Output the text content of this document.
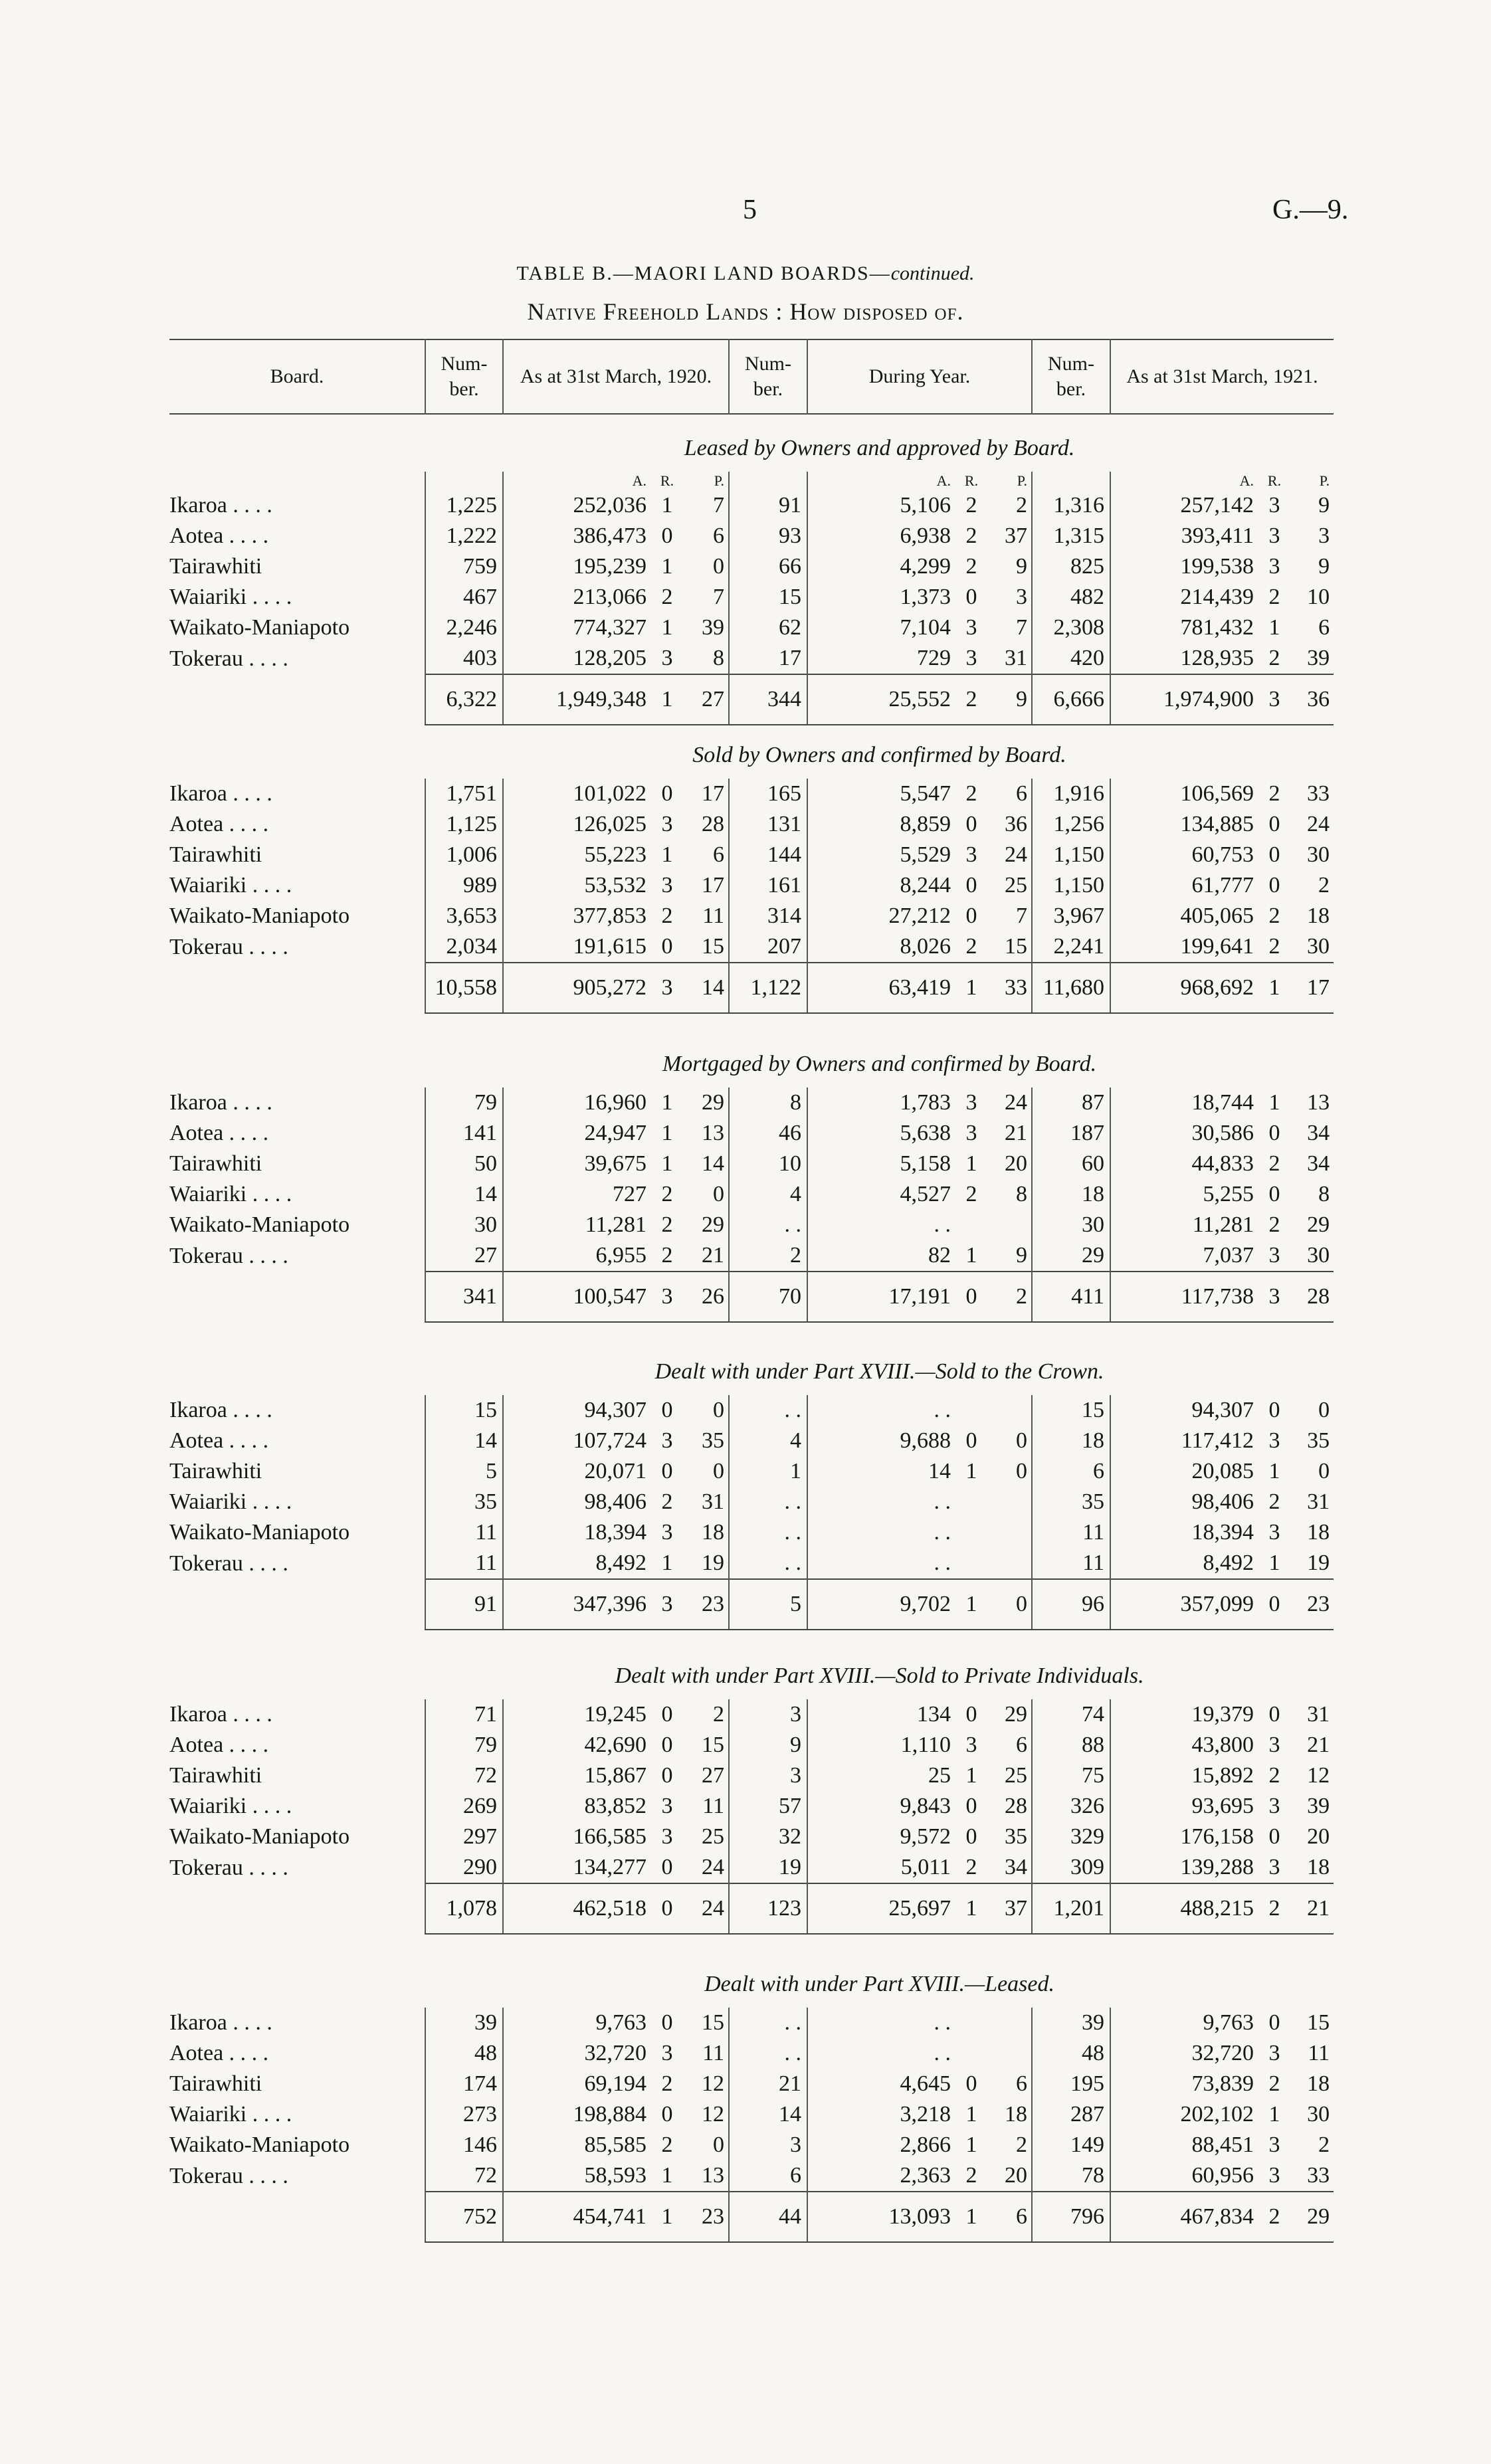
5	G.—9.
TABLE B.—MAORI LAND BOARDS—continued.
Native Freehold Lands : How disposed of.
Board.	Num- ber.	As at 31st March, 1920.	Num- ber.	During Year.	Num- ber.	As at 31st March, 1921.
	Leased by Owners and approved by Board.											
		A.	R.	P.		A.	R.	P.		A.	R.	P.
Ikaroa . . . .	1,225	252,036	1	7	91	5,106	2	2	1,316	257,142	3	9
Aotea . . . .	1,222	386,473	0	6	93	6,938	2	37	1,315	393,411	3	3
Tairawhiti	759	195,239	1	0	66	4,299	2	9	825	199,538	3	9
Waiariki . . . .	467	213,066	2	7	15	1,373	0	3	482	214,439	2	10
Waikato-Maniapoto	2,246	774,327	1	39	62	7,104	3	7	2,308	781,432	1	6
Tokerau . . . .	403	128,205	3	8	17	729	3	31	420	128,935	2	39
	6,322	1,949,348	1	27	344	25,552	2	9	6,666	1,974,900	3	36
	Sold by Owners and confirmed by Board.											
Ikaroa . . . .	1,751	101,022	0	17	165	5,547	2	6	1,916	106,569	2	33
Aotea . . . .	1,125	126,025	3	28	131	8,859	0	36	1,256	134,885	0	24
Tairawhiti	1,006	55,223	1	6	144	5,529	3	24	1,150	60,753	0	30
Waiariki . . . .	989	53,532	3	17	161	8,244	0	25	1,150	61,777	0	2
Waikato-Maniapoto	3,653	377,853	2	11	314	27,212	0	7	3,967	405,065	2	18
Tokerau . . . .	2,034	191,615	0	15	207	8,026	2	15	2,241	199,641	2	30
	10,558	905,272	3	14	1,122	63,419	1	33	11,680	968,692	1	17
	Mortgaged by Owners and confirmed by Board.											
Ikaroa . . . .	79	16,960	1	29	8	1,783	3	24	87	18,744	1	13
Aotea . . . .	141	24,947	1	13	46	5,638	3	21	187	30,586	0	34
Tairawhiti	50	39,675	1	14	10	5,158	1	20	60	44,833	2	34
Waiariki . . . .	14	727	2	0	4	4,527	2	8	18	5,255	0	8
Waikato-Maniapoto	30	11,281	2	29	. .	. .			30	11,281	2	29
Tokerau . . . .	27	6,955	2	21	2	82	1	9	29	7,037	3	30
	341	100,547	3	26	70	17,191	0	2	411	117,738	3	28
	Dealt with under Part XVIII.—Sold to the Crown.											
Ikaroa . . . .	15	94,307	0	0	. .	. .			15	94,307	0	0
Aotea . . . .	14	107,724	3	35	4	9,688	0	0	18	117,412	3	35
Tairawhiti	5	20,071	0	0	1	14	1	0	6	20,085	1	0
Waiariki . . . .	35	98,406	2	31	. .	. .			35	98,406	2	31
Waikato-Maniapoto	11	18,394	3	18	. .	. .			11	18,394	3	18
Tokerau . . . .	11	8,492	1	19	. .	. .			11	8,492	1	19
	91	347,396	3	23	5	9,702	1	0	96	357,099	0	23
	Dealt with under Part XVIII.—Sold to Private Individuals.											
Ikaroa . . . .	71	19,245	0	2	3	134	0	29	74	19,379	0	31
Aotea . . . .	79	42,690	0	15	9	1,110	3	6	88	43,800	3	21
Tairawhiti	72	15,867	0	27	3	25	1	25	75	15,892	2	12
Waiariki . . . .	269	83,852	3	11	57	9,843	0	28	326	93,695	3	39
Waikato-Maniapoto	297	166,585	3	25	32	9,572	0	35	329	176,158	0	20
Tokerau . . . .	290	134,277	0	24	19	5,011	2	34	309	139,288	3	18
	1,078	462,518	0	24	123	25,697	1	37	1,201	488,215	2	21
	Dealt with under Part XVIII.—Leased.											
Ikaroa . . . .	39	9,763	0	15	. .	. .			39	9,763	0	15
Aotea . . . .	48	32,720	3	11	. .	. .			48	32,720	3	11
Tairawhiti	174	69,194	2	12	21	4,645	0	6	195	73,839	2	18
Waiariki . . . .	273	198,884	0	12	14	3,218	1	18	287	202,102	1	30
Waikato-Maniapoto	146	85,585	2	0	3	2,866	1	2	149	88,451	3	2
Tokerau . . . .	72	58,593	1	13	6	2,363	2	20	78	60,956	3	33
	752	454,741	1	23	44	13,093	1	6	796	467,834	2	29
